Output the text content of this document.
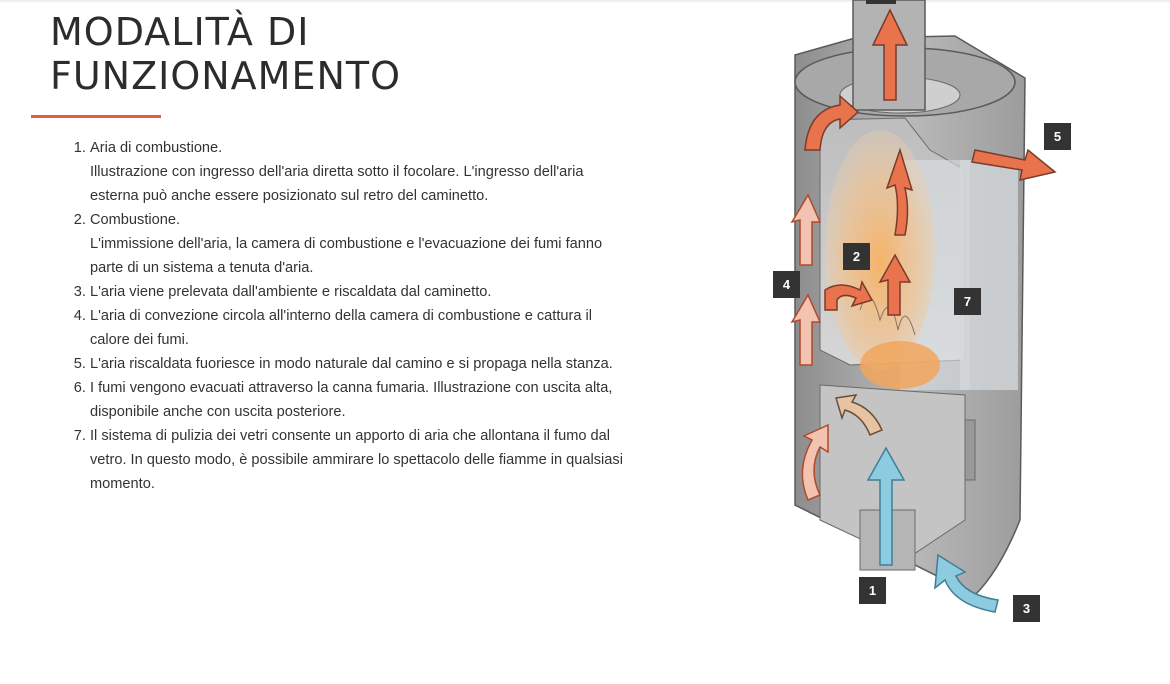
MODALITÀ DI
FUNZIONAMENTO
1. Aria di combustione.
Illustrazione con ingresso dell'aria diretta sotto il focolare. L'ingresso dell'aria esterna può anche essere posizionato sul retro del caminetto.
2. Combustione.
L'immissione dell'aria, la camera di combustione e l'evacuazione dei fumi fanno parte di un sistema a tenuta d'aria.
3. L'aria viene prelevata dall'ambiente e riscaldata dal caminetto.
4. L'aria di convezione circola all'interno della camera di combustione e cattura il calore dei fumi.
5. L'aria riscaldata fuoriesce in modo naturale dal camino e si propaga nella stanza.
6. I fumi vengono evacuati attraverso la canna fumaria. Illustrazione con uscita alta, disponibile anche con uscita posteriore.
7. Il sistema di pulizia dei vetri consente un apporto di aria che allontana il fumo dal vetro. In questo modo, è possibile ammirare lo spettacolo delle fiamme in qualsiasi momento.
1
2
3
4
5
7
